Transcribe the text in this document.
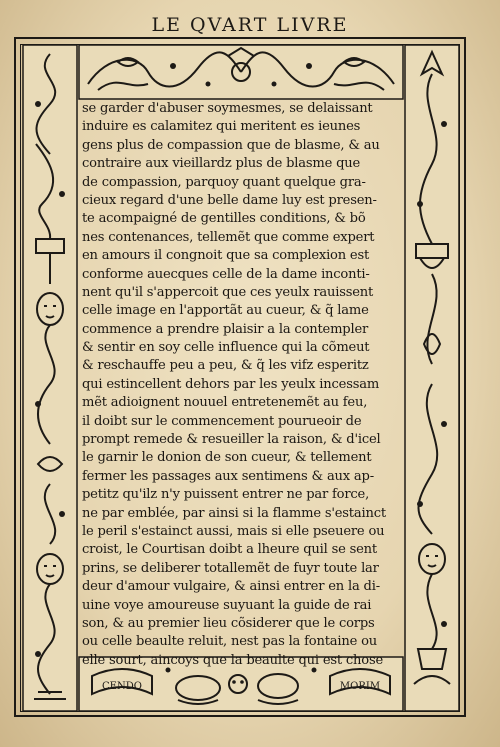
LE QVART LIVRE
CENDO	MORIM
se garder d'abuser soymesmes, se delaissant
induire es calamitez qui meritent es ieunes
gens plus de compassion que de blasme, & au
contraire aux vieillardz plus de blasme que
de compassion, parquoy quant quelque gra-
cieux regard d'une belle dame luy est presen-
te acompaigné de gentilles conditions, & bõ
nes contenances, tellemẽt que comme expert
en amours il congnoit que sa complexion est
conforme auecques celle de la dame inconti-
nent qu'il s'appercoit que ces yeulx rauissent
celle image en l'apportãt au cueur, & q̃ lame
commence a prendre plaisir a la contempler
& sentir en soy celle influence qui la cõmeut
& reschauffe peu a peu, & q̃ les vifz esperitz
qui estincellent dehors par les yeulx incessam
mẽt adioignent nouuel entretenemẽt au feu,
il doibt sur le commencement pourueoir de
prompt remede & resueiller la raison, & d'icel
le garnir le donion de son cueur, & tellement
fermer les passages aux sentimens & aux ap-
petitz qu'ilz n'y puissent entrer ne par force,
ne par emblée, par ainsi si la flamme s'estainct
le peril s'estainct aussi, mais si elle pseuere ou
croist, le Courtisan doibt a lheure quil se sent
prins, se deliberer totallemẽt de fuyr toute lar
deur d'amour vulgaire, & ainsi entrer en la di-
uine voye amoureuse suyuant la guide de rai
son, & au premier lieu cõsiderer que le corps
ou celle beaulte reluit, nest pas la fontaine ou
elle sourt, aincoys que la beaulte qui est chose
